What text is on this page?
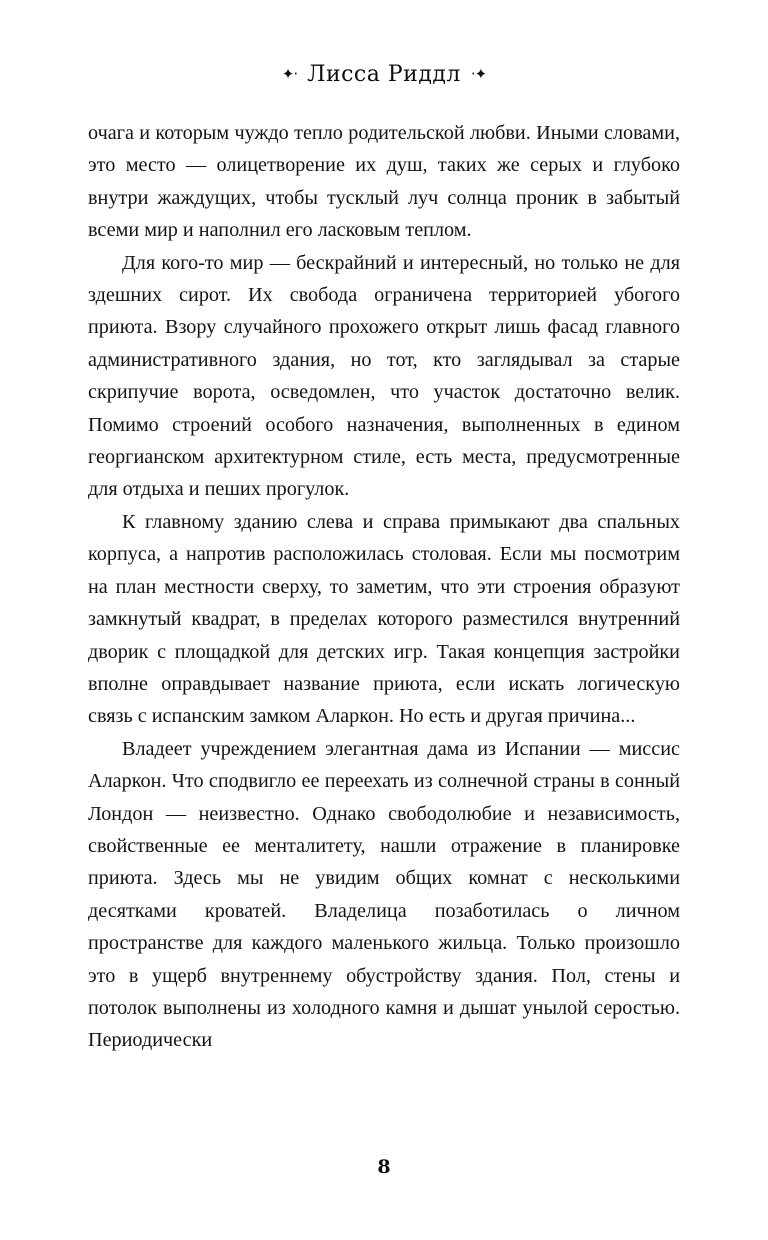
✦‧ Лисса Риддл ‧✦

очага и которым чуждо тепло родительской любви. Иными словами, это место — олицетворение их душ, таких же серых и глубоко внутри жаждущих, чтобы тусклый луч солнца проник в забытый всеми мир и наполнил его ласковым теплом.

Для кого-то мир — бескрайний и интересный, но только не для здешних сирот. Их свобода ограничена территорией убогого приюта. Взору случайного прохожего открыт лишь фасад главного административного здания, но тот, кто заглядывал за старые скрипучие ворота, осведомлен, что участок достаточно велик. Помимо строений особого назначения, выполненных в едином георгианском архитектурном стиле, есть места, предусмотренные для отдыха и пеших прогулок.

К главному зданию слева и справа примыкают два спальных корпуса, а напротив расположилась столовая. Если мы посмотрим на план местности сверху, то заметим, что эти строения образуют замкнутый квадрат, в пределах которого разместился внутренний дворик с площадкой для детских игр. Такая концепция застройки вполне оправдывает название приюта, если искать логическую связь с испанским замком Аларкон. Но есть и другая причина...

Владеет учреждением элегантная дама из Испании — миссис Аларкон. Что сподвигло ее переехать из солнечной страны в сонный Лондон — неизвестно. Однако свободолюбие и независимость, свойственные ее менталитету, нашли отражение в планировке приюта. Здесь мы не увидим общих комнат с несколькими десятками кроватей. Владелица позаботилась о личном пространстве для каждого маленького жильца. Только произошло это в ущерб внутреннему обустройству здания. Пол, стены и потолок выполнены из холодного камня и дышат унылой серостью. Периодически

8
